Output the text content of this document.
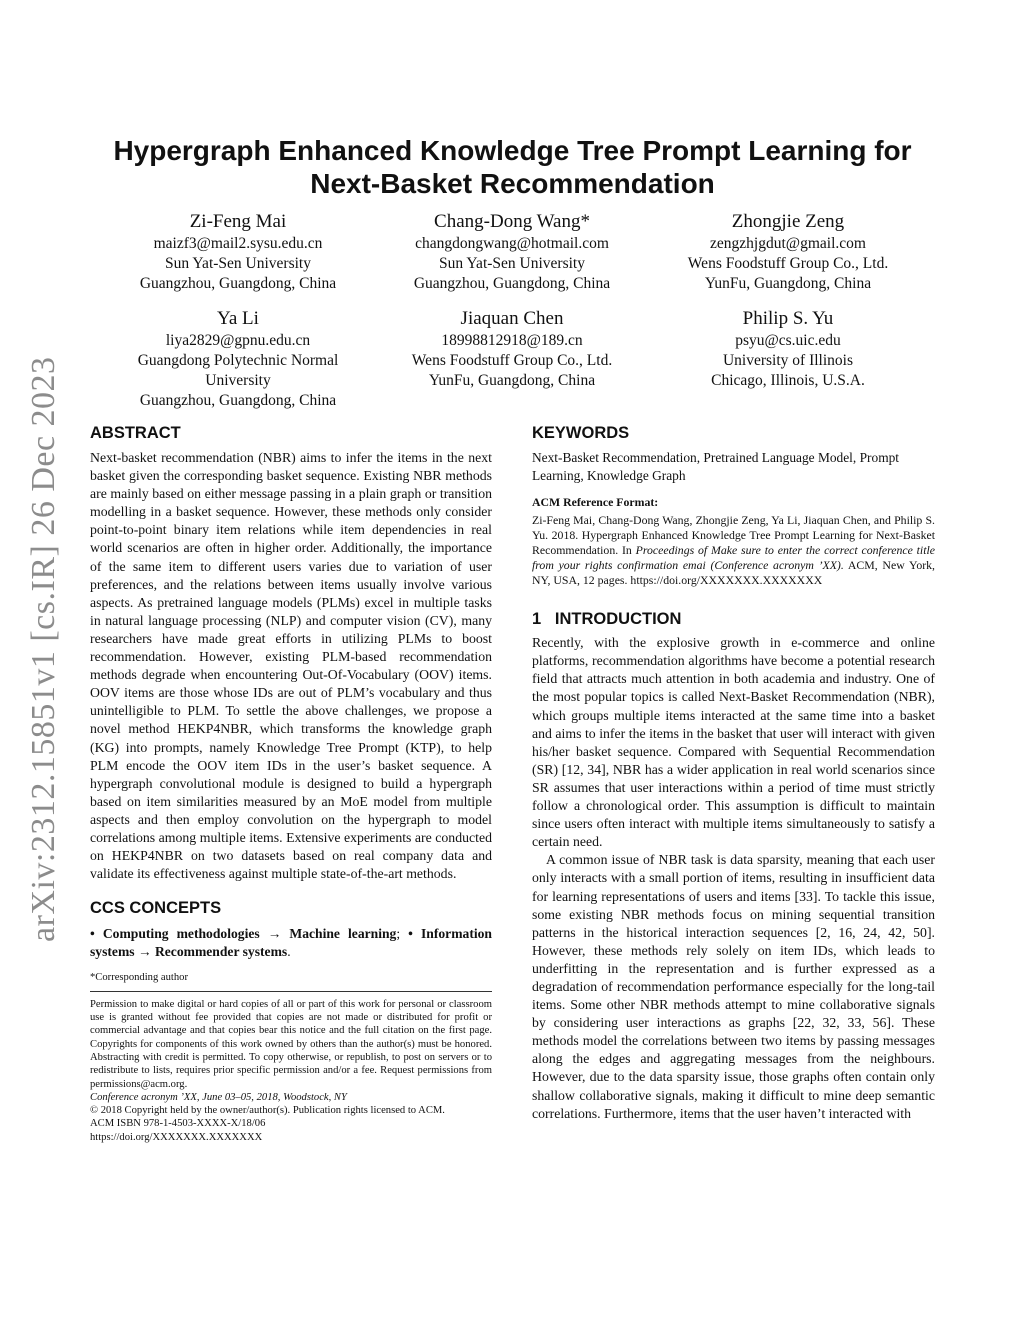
arXiv:2312.15851v1 [cs.IR] 26 Dec 2023
Hypergraph Enhanced Knowledge Tree Prompt Learning for
Next-Basket Recommendation
Zi-Feng Mai
maizf3@mail2.sysu.edu.cn
Sun Yat-Sen University
Guangzhou, Guangdong, China
Chang-Dong Wang*
changdongwang@hotmail.com
Sun Yat-Sen University
Guangzhou, Guangdong, China
Zhongjie Zeng
zengzhjgdut@gmail.com
Wens Foodstuff Group Co., Ltd.
YunFu, Guangdong, China
Ya Li
liya2829@gpnu.edu.cn
Guangdong Polytechnic Normal
University
Guangzhou, Guangdong, China
Jiaquan Chen
18998812918@189.cn
Wens Foodstuff Group Co., Ltd.
YunFu, Guangdong, China
Philip S. Yu
psyu@cs.uic.edu
University of Illinois
Chicago, Illinois, U.S.A.
ABSTRACT

Next-basket recommendation (NBR) aims to infer the items in the next basket given the corresponding basket sequence. Existing NBR methods are mainly based on either message passing in a plain graph or transition modelling in a basket sequence. However, these methods only consider point-to-point binary item relations while item dependencies in real world scenarios are often in higher order. Additionally, the importance of the same item to different users varies due to variation of user preferences, and the relations between items usually involve various aspects. As pretrained language models (PLMs) excel in multiple tasks in natural language processing (NLP) and computer vision (CV), many researchers have made great efforts in utilizing PLMs to boost recommendation. However, existing PLM-based recommendation methods degrade when encountering Out-Of-Vocabulary (OOV) items. OOV items are those whose IDs are out of PLM’s vocabulary and thus unintelligible to PLM. To settle the above challenges, we propose a novel method HEKP4NBR, which transforms the knowledge graph (KG) into prompts, namely Knowledge Tree Prompt (KTP), to help PLM encode the OOV item IDs in the user’s basket sequence. A hypergraph convolutional module is designed to build a hypergraph based on item similarities measured by an MoE model from multiple aspects and then employ convolution on the hypergraph to model correlations among multiple items. Extensive experiments are conducted on HEKP4NBR on two datasets based on real company data and validate its effectiveness against multiple state-of-the-art methods.

CCS CONCEPTS

• Computing methodologies → Machine learning; • Information systems → Recommender systems.

*Corresponding author

Permission to make digital or hard copies of all or part of this work for personal or classroom use is granted without fee provided that copies are not made or distributed for profit or commercial advantage and that copies bear this notice and the full citation on the first page. Copyrights for components of this work owned by others than the author(s) must be honored. Abstracting with credit is permitted. To copy otherwise, or republish, to post on servers or to redistribute to lists, requires prior specific permission and/or a fee. Request permissions from permissions@acm.org.

Conference acronym ’XX, June 03–05, 2018, Woodstock, NY

© 2018 Copyright held by the owner/author(s). Publication rights licensed to ACM.

ACM ISBN 978-1-4503-XXXX-X/18/06

https://doi.org/XXXXXXX.XXXXXXX

KEYWORDS

Next-Basket Recommendation, Pretrained Language Model, Prompt Learning, Knowledge Graph

ACM Reference Format:

Zi-Feng Mai, Chang-Dong Wang, Zhongjie Zeng, Ya Li, Jiaquan Chen, and Philip S. Yu. 2018. Hypergraph Enhanced Knowledge Tree Prompt Learning for Next-Basket Recommendation. In Proceedings of Make sure to enter the correct conference title from your rights confirmation emai (Conference acronym ’XX). ACM, New York, NY, USA, 12 pages. https://doi.org/XXXXXXX.XXXXXXX

1   INTRODUCTION

Recently, with the explosive growth in e-commerce and online platforms, recommendation algorithms have become a potential research field that attracts much attention in both academia and industry. One of the most popular topics is called Next-Basket Recommendation (NBR), which groups multiple items interacted at the same time into a basket and aims to infer the items in the basket that user will interact with given his/her basket sequence. Compared with Sequential Recommendation (SR) [12, 34], NBR has a wider application in real world scenarios since SR assumes that user interactions within a period of time must strictly follow a chronological order. This assumption is difficult to maintain since users often interact with multiple items simultaneously to satisfy a certain need.

A common issue of NBR task is data sparsity, meaning that each user only interacts with a small portion of items, resulting in insufficient data for learning representations of users and items [33]. To tackle this issue, some existing NBR methods focus on mining sequential transition patterns in the historical interaction sequences [2, 16, 24, 42, 50]. However, these methods rely solely on item IDs, which leads to underfitting in the representation and is further expressed as a degradation of recommendation performance especially for the long-tail items. Some other NBR methods attempt to mine collaborative signals by considering user interactions as graphs [22, 32, 33, 56]. These methods model the correlations between two items by passing messages along the edges and aggregating messages from the neighbours. However, due to the data sparsity issue, those graphs often contain only shallow collaborative signals, making it difficult to mine deep semantic correlations. Furthermore, items that the user haven’t interacted with
